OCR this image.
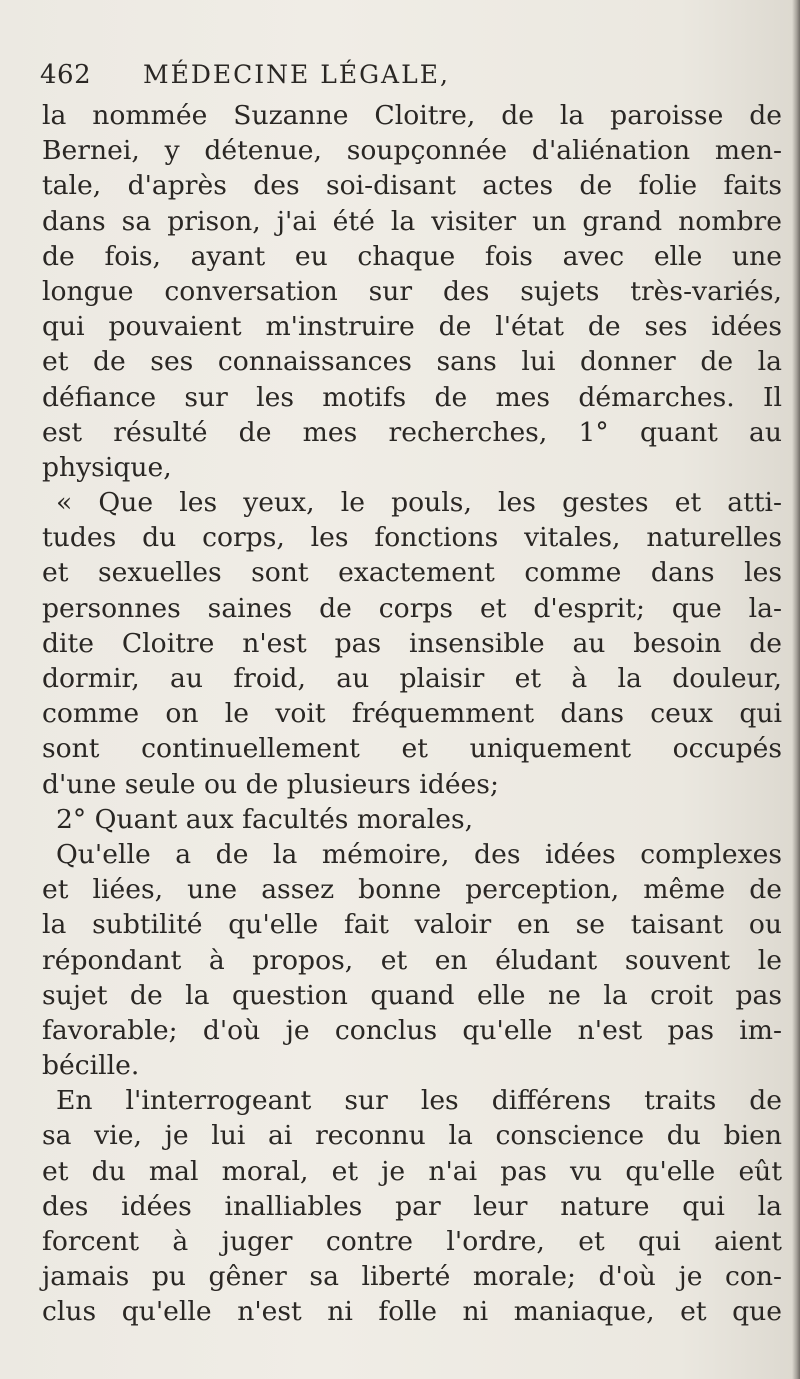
462 MÉDECINE LÉGALE,
la nommée Suzanne Cloitre, de la paroisse de
Bernei, y détenue, soupçonnée d'aliénation men-
tale, d'après des soi-disant actes de folie faits
dans sa prison, j'ai été la visiter un grand nombre
de fois, ayant eu chaque fois avec elle une
longue conversation sur des sujets très-variés,
qui pouvaient m'instruire de l'état de ses idées
et de ses connaissances sans lui donner de la
défiance sur les motifs de mes démarches. Il
est résulté de mes recherches, 1° quant au
physique,
« Que les yeux, le pouls, les gestes et atti-
tudes du corps, les fonctions vitales, naturelles
et sexuelles sont exactement comme dans les
personnes saines de corps et d'esprit; que la-
dite Cloitre n'est pas insensible au besoin de
dormir, au froid, au plaisir et à la douleur,
comme on le voit fréquemment dans ceux qui
sont continuellement et uniquement occupés
d'une seule ou de plusieurs idées;
2° Quant aux facultés morales,
Qu'elle a de la mémoire, des idées complexes
et liées, une assez bonne perception, même de
la subtilité qu'elle fait valoir en se taisant ou
répondant à propos, et en éludant souvent le
sujet de la question quand elle ne la croit pas
favorable; d'où je conclus qu'elle n'est pas im-
bécille.
En l'interrogeant sur les différens traits de
sa vie, je lui ai reconnu la conscience du bien
et du mal moral, et je n'ai pas vu qu'elle eût
des idées inalliables par leur nature qui la
forcent à juger contre l'ordre, et qui aient
jamais pu gêner sa liberté morale; d'où je con-
clus qu'elle n'est ni folle ni maniaque, et que
